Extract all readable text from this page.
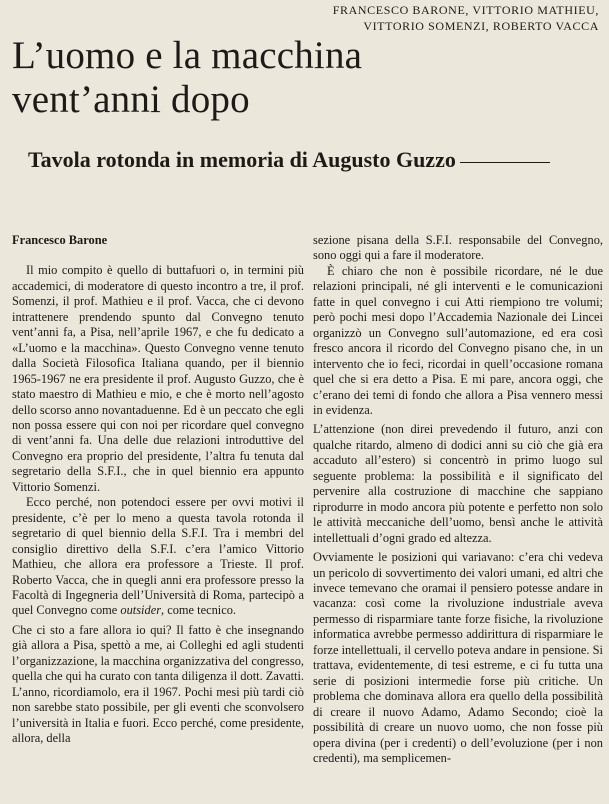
FRANCESCO BARONE, VITTORIO MATHIEU,
VITTORIO SOMENZI, ROBERTO VACCA
L’uomo e la macchina
vent’anni dopo
Tavola rotonda in memoria di Augusto Guzzo
Francesco Barone

Il mio compito è quello di buttafuori o, in termini più accademici, di moderatore di questo incontro a tre, il prof. Somenzi, il prof. Mathieu e il prof. Vacca, che ci devono intrattenere prendendo spunto dal Convegno tenuto vent’anni fa, a Pisa, nell’aprile 1967, e che fu dedicato a «L’uomo e la macchina». Questo Convegno venne tenuto dalla Società Filosofica Italiana quando, per il biennio 1965-1967 ne era presidente il prof. Augusto Guzzo, che è stato maestro di Mathieu e mio, e che è morto nell’agosto dello scorso anno novantaduenne. Ed è un peccato che egli non possa essere qui con noi per ricordare quel convegno di vent’anni fa. Una delle due relazioni introduttive del Convegno era proprio del presidente, l’altra fu tenuta dal segretario della S.F.I., che in quel biennio era appunto Vittorio Somenzi.

Ecco perché, non potendoci essere per ovvi motivi il presidente, c’è per lo meno a questa tavola rotonda il segretario di quel biennio della S.F.I. Tra i membri del consiglio direttivo della S.F.I. c’era l’amico Vittorio Mathieu, che allora era professore a Trieste. Il prof. Roberto Vacca, che in quegli anni era professore presso la Facoltà di Ingegneria dell’Università di Roma, partecipò a quel Convegno come outsider, come tecnico.

Che ci sto a fare allora io qui? Il fatto è che insegnando già allora a Pisa, spettò a me, ai Colleghi ed agli studenti l’organizzazione, la macchina organizzativa del congresso, quella che qui ha curato con tanta diligenza il dott. Zavatti. L’anno, ricordiamolo, era il 1967. Pochi mesi più tardi ciò non sarebbe stato possibile, per gli eventi che sconvolsero l’università in Italia e fuori. Ecco perché, come presidente, allora, della

sezione pisana della S.F.I. responsabile del Convegno, sono oggi qui a fare il moderatore.

È chiaro che non è possibile ricordare, né le due relazioni principali, né gli interventi e le comunicazioni fatte in quel convegno i cui Atti riempiono tre volumi; però pochi mesi dopo l’Accademia Nazionale dei Lincei organizzò un Convegno sull’automazione, ed era così fresco ancora il ricordo del Convegno pisano che, in un intervento che io feci, ricordai in quell’occasione romana quel che si era detto a Pisa. E mi pare, ancora oggi, che c’erano dei temi di fondo che allora a Pisa vennero messi in evidenza.

L’attenzione (non direi prevedendo il futuro, anzi con qualche ritardo, almeno di dodici anni su ciò che già era accaduto all’estero) si concentrò in primo luogo sul seguente problema: la possibilità e il significato del pervenire alla costruzione di macchine che sappiano riprodurre in modo ancora più potente e perfetto non solo le attività meccaniche dell’uomo, bensì anche le attività intellettuali d’ogni grado ed altezza.

Ovviamente le posizioni qui variavano: c’era chi vedeva un pericolo di sovvertimento dei valori umani, ed altri che invece temevano che oramai il pensiero potesse andare in vacanza: così come la rivoluzione industriale aveva permesso di risparmiare tante forze fisiche, la rivoluzione informatica avrebbe permesso addirittura di risparmiare le forze intellettuali, il cervello poteva andare in pensione. Si trattava, evidentemente, di tesi estreme, e ci fu tutta una serie di posizioni intermedie forse più critiche. Un problema che dominava allora era quello della possibilità di creare il nuovo Adamo, Adamo Secondo; cioè la possibilità di creare un nuovo uomo, che non fosse più opera divina (per i credenti) o dell’evoluzione (per i non credenti), ma semplicemen-
